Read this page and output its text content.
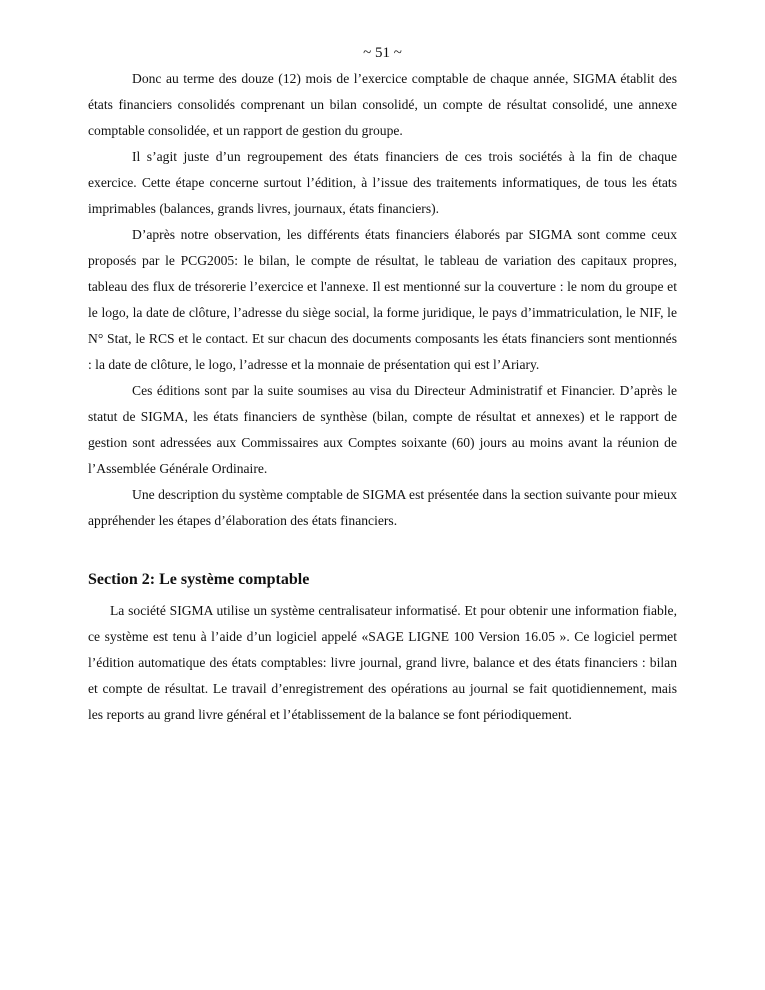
~ 51 ~

Donc au terme des douze (12) mois de l’exercice comptable de chaque année, SIGMA établit des états financiers consolidés comprenant un bilan consolidé, un compte de résultat consolidé, une annexe comptable consolidée, et un rapport de gestion du groupe.

Il s’agit juste d’un regroupement des états financiers de ces trois sociétés à la fin de chaque exercice. Cette étape concerne surtout l’édition, à l’issue des traitements informatiques, de tous les états imprimables (balances, grands livres, journaux, états financiers).

D’après notre observation, les différents états financiers élaborés par SIGMA sont comme ceux proposés par le PCG2005: le bilan, le compte de résultat, le tableau de variation des capitaux propres, tableau des flux de trésorerie l’exercice et l'annexe. Il est mentionné sur la couverture : le nom du groupe et le logo, la date de clôture, l’adresse du siège social, la forme juridique, le pays d’immatriculation, le NIF, le N° Stat, le RCS et le contact. Et sur chacun des documents composants les états financiers sont mentionnés : la date de clôture, le logo, l’adresse et la monnaie de présentation qui est l’Ariary.

Ces éditions sont par la suite soumises au visa du Directeur Administratif et Financier. D’après le statut de SIGMA, les états financiers de synthèse (bilan, compte de résultat et annexes) et le rapport de gestion sont adressées aux Commissaires aux Comptes soixante (60) jours au moins avant la réunion de l’Assemblée Générale Ordinaire.

Une description du système comptable de SIGMA est présentée dans la section suivante pour mieux appréhender les étapes d’élaboration des états financiers.

Section 2: Le système comptable

La société SIGMA utilise un système centralisateur informatisé. Et pour obtenir une information fiable, ce système est tenu à l’aide d’un logiciel appelé «SAGE LIGNE 100 Version 16.05 ». Ce logiciel permet l’édition automatique des états comptables: livre journal, grand livre, balance et des états financiers : bilan et compte de résultat. Le travail d’enregistrement des opérations au journal se fait quotidiennement, mais les reports au grand livre général et l’établissement de la balance se font périodiquement.
